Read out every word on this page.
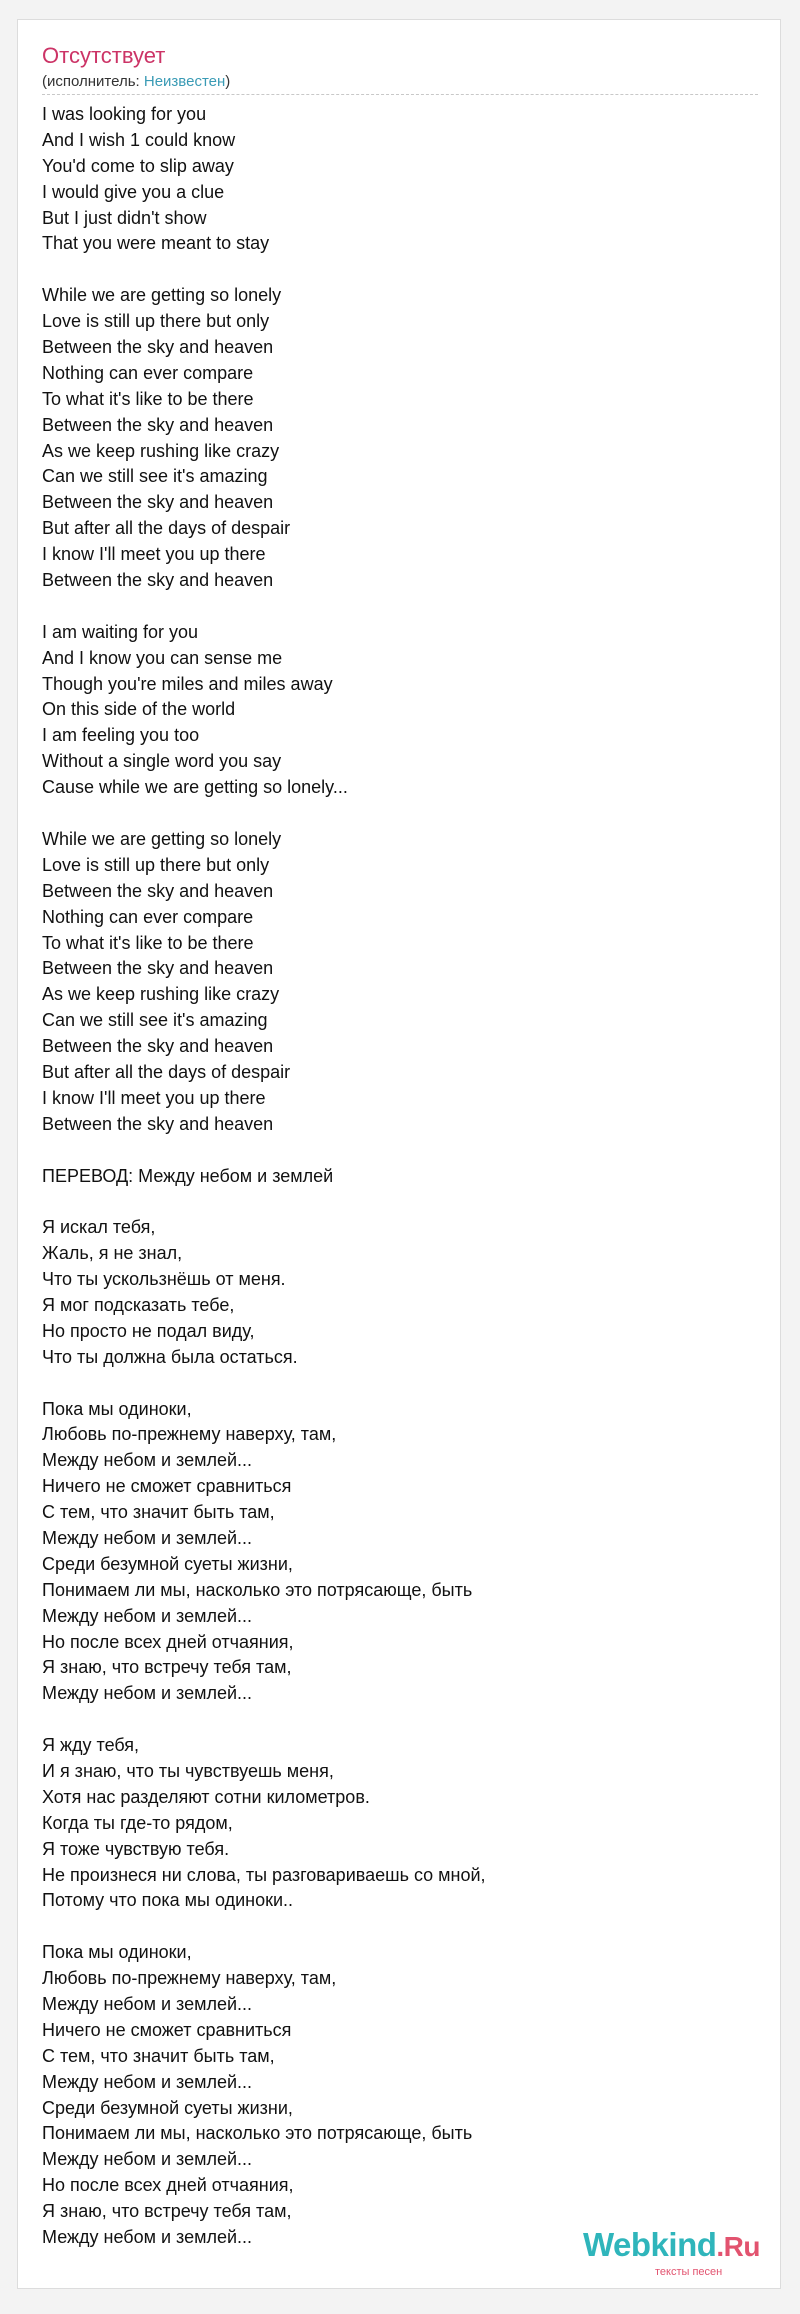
Отсутствует
(исполнитель: Неизвестен)
I was looking for you
And I wish 1 could know
You'd come to slip away
I would give you a clue
But I just didn't show
That you were meant to stay
While we are getting so lonely
Love is still up there but only
Between the sky and heaven
Nothing can ever compare
To what it's like to be there
Between the sky and heaven
As we keep rushing like crazy
Can we still see it's amazing
Between the sky and heaven
But after all the days of despair
I know I'll meet you up there
Between the sky and heaven
I am waiting for you
And I know you can sense me
Though you're miles and miles away
On this side of the world
I am feeling you too
Without a single word you say
Cause while we are getting so lonely...
While we are getting so lonely
Love is still up there but only
Between the sky and heaven
Nothing can ever compare
To what it's like to be there
Between the sky and heaven
As we keep rushing like crazy
Can we still see it's amazing
Between the sky and heaven
But after all the days of despair
I know I'll meet you up there
Between the sky and heaven
ПЕРЕВОД: Между небом и землей
Я искал тебя,
Жаль, я не знал,
Что ты ускользнёшь от меня.
Я мог подсказать тебе,
Но просто не подал виду,
Что ты должна была остаться.
Пока мы одиноки,
Любовь по-прежнему наверху, там,
Между небом и землей...
Ничего не сможет сравниться
С тем, что значит быть там,
Между небом и землей...
Среди безумной суеты жизни,
Понимаем ли мы, насколько это потрясающе, быть
Между небом и землей...
Но после всех дней отчаяния,
Я знаю, что встречу тебя там,
Между небом и землей...
Я жду тебя,
И я знаю, что ты чувствуешь меня,
Хотя нас разделяют сотни километров.
Когда ты где-то рядом,
Я тоже чувствую тебя.
Не произнеся ни слова, ты разговариваешь со мной,
Потому что пока мы одиноки..
Пока мы одиноки,
Любовь по-прежнему наверху, там,
Между небом и землей...
Ничего не сможет сравниться
С тем, что значит быть там,
Между небом и землей...
Среди безумной суеты жизни,
Понимаем ли мы, насколько это потрясающе, быть
Между небом и землей...
Но после всех дней отчаяния,
Я знаю, что встречу тебя там,
Между небом и землей...	Webkind.Ru
тексты песен
